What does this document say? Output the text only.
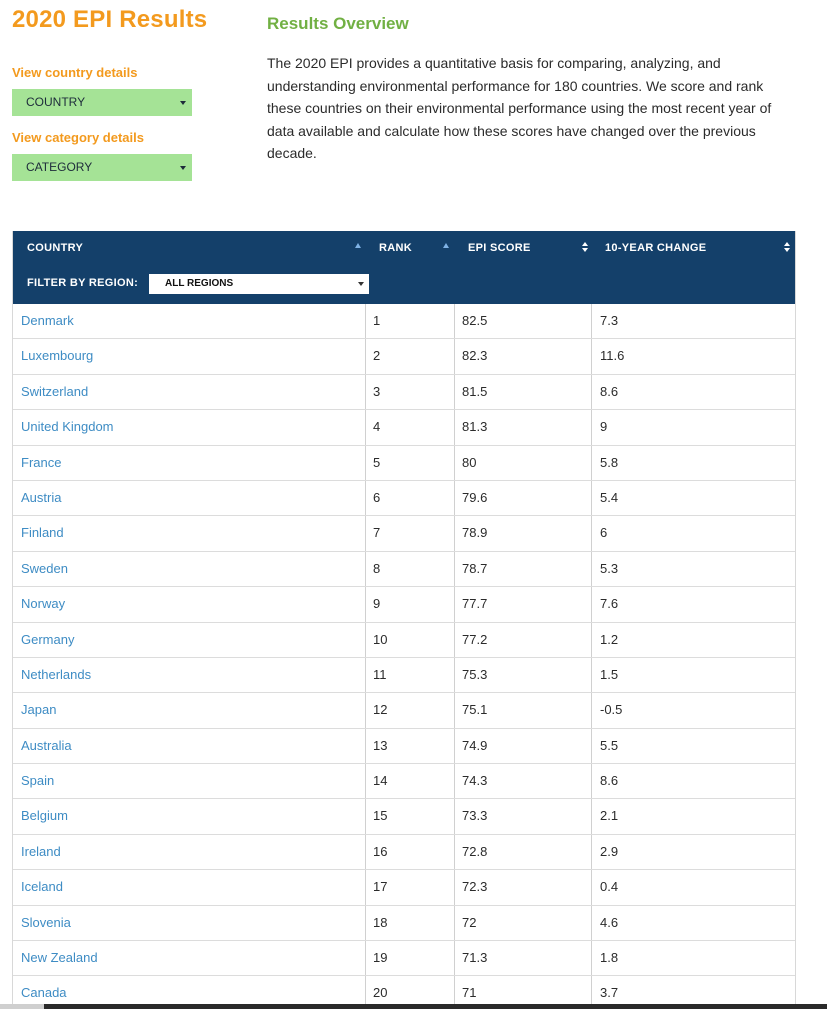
2020 EPI Results
View country details
COUNTRY
View category details
CATEGORY
Results Overview

The 2020 EPI provides a quantitative basis for comparing, analyzing, and understanding environmental performance for 180 countries. We score and rank these countries on their environmental performance using the most recent year of data available and calculate how these scores have changed over the previous decade.

COUNTRY	RANK	EPI SCORE	10-YEAR CHANGE
FILTER BY REGION:	ALL REGIONS
Denmark	1	82.5	7.3
Luxembourg	2	82.3	11.6
Switzerland	3	81.5	8.6
United Kingdom	4	81.3	9
France	5	80	5.8
Austria	6	79.6	5.4
Finland	7	78.9	6
Sweden	8	78.7	5.3
Norway	9	77.7	7.6
Germany	10	77.2	1.2
Netherlands	11	75.3	1.5
Japan	12	75.1	-0.5
Australia	13	74.9	5.5
Spain	14	74.3	8.6
Belgium	15	73.3	2.1
Ireland	16	72.8	2.9
Iceland	17	72.3	0.4
Slovenia	18	72	4.6
New Zealand	19	71.3	1.8
Canada	20	71	3.7
